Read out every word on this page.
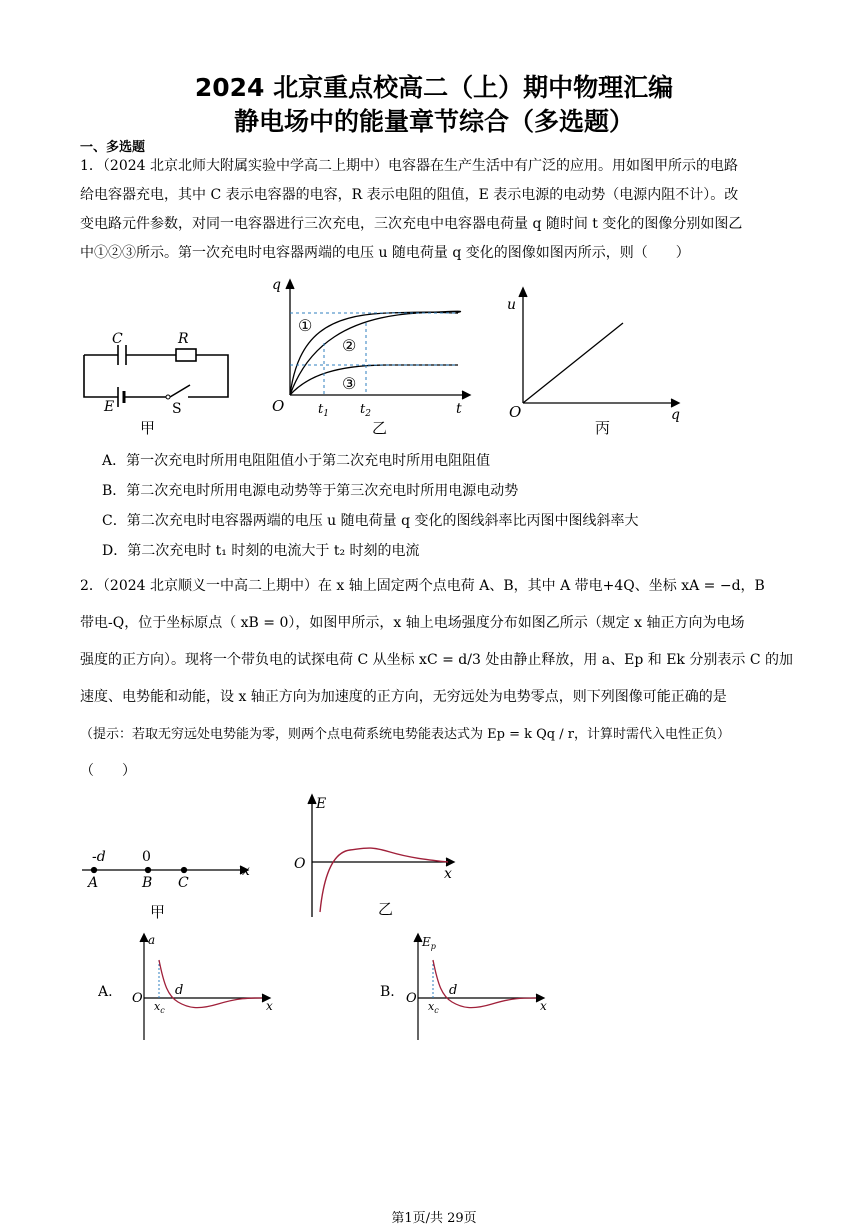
2024 北京重点校高二（上）期中物理汇编
静电场中的能量章节综合（多选题）
一、多选题
1．（2024 北京北师大附属实验中学高二上期中）电容器在生产生活中有广泛的应用。用如图甲所示的电路
给电容器充电，其中 C 表示电容器的电容，R 表示电阻的阻值，E 表示电源的电动势（电源内阻不计）。改
变电路元件参数，对同一电容器进行三次充电，三次充电中电容器电荷量 q 随时间 t 变化的图像分别如图乙
中①②③所示。第一次充电时电容器两端的电压 u 随电荷量 q 变化的图像如图丙所示，则（　　）
C	R
E	S
甲
q
t
O	$t_1$ $t_2$
①
②
③
乙
u
q
O
丙
A．第一次充电时所用电阻阻值小于第二次充电时所用电阻阻值
B．第二次充电时所用电源电动势等于第三次充电时所用电源电动势
C．第二次充电时电容器两端的电压 u 随电荷量 q 变化的图线斜率比丙图中图线斜率大
D．第二次充电时 t₁ 时刻的电流大于 t₂ 时刻的电流
2．（2024 北京顺义一中高二上期中）在 x 轴上固定两个点电荷 A、B，其中 A 带电+4Q、坐标 xA = −d，B
带电-Q，位于坐标原点（ xB = 0），如图甲所示，x 轴上电场强度分布如图乙所示（规定 x 轴正方向为电场
强度的正方向）。现将一个带负电的试探电荷 C 从坐标 xC = d/3 处由静止释放，用 a、Ep 和 Ek 分别表示 C 的加
速度、电势能和动能，设 x 轴正方向为加速度的正方向，无穷远处为电势零点，则下列图像可能正确的是
（提示：若取无穷远处电势能为零，则两个点电荷系统电势能表达式为 Ep = k Qq / r，计算时需代入电性正负）
（　　）
-d	0
A	B C
x
甲
E
x
O
乙
A.
a
O
$x_c$
d
x
B.
$E_p$
O
$x_c$
d
x
第1页/共 29页
